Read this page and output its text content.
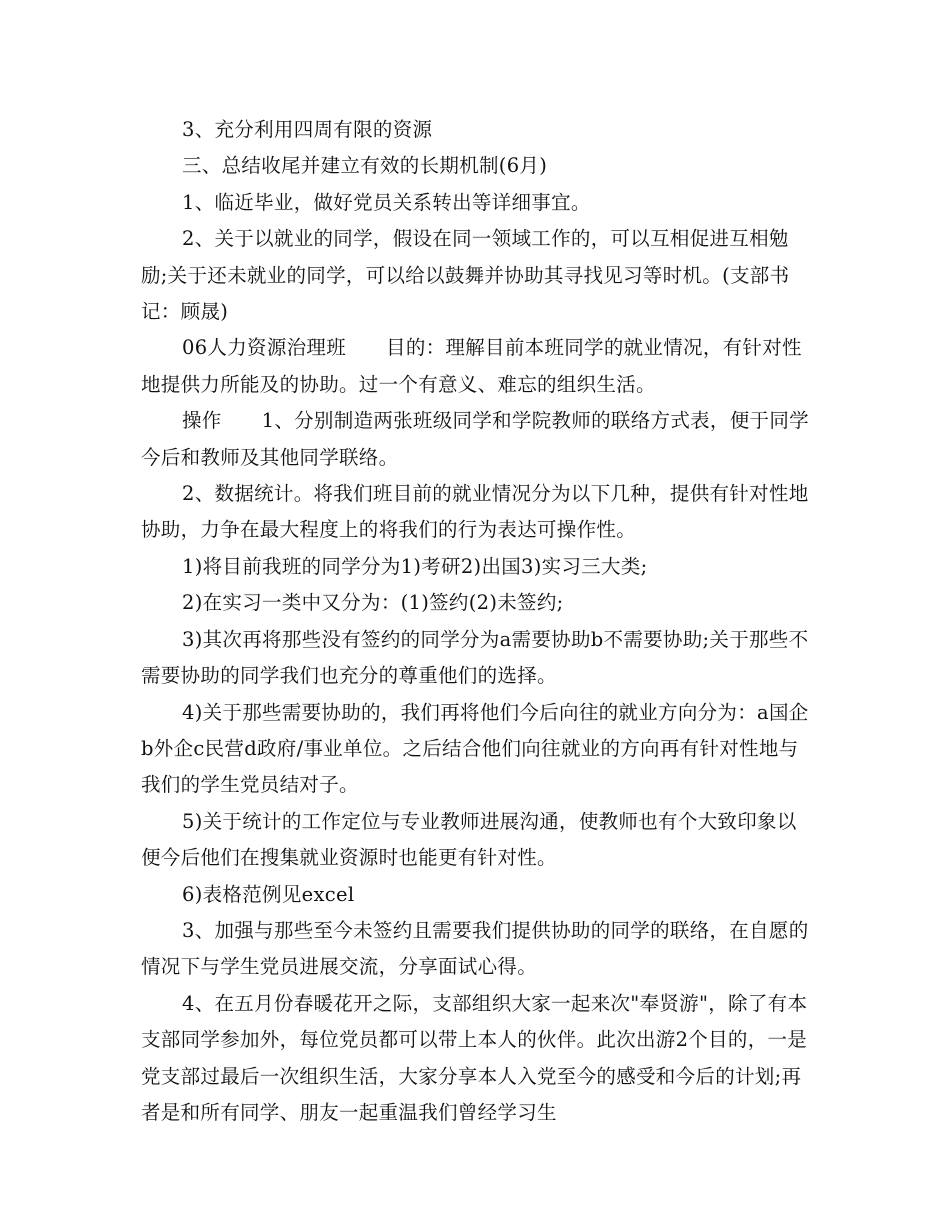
3、充分利用四周有限的资源

三、总结收尾并建立有效的长期机制(6月)

1、临近毕业，做好党员关系转出等详细事宜。

2、关于以就业的同学，假设在同一领域工作的，可以互相促进互相勉励;关于还未就业的同学，可以给以鼓舞并协助其寻找见习等时机。(支部书记：顾晟)

06人力资源治理班 目的：理解目前本班同学的就业情况，有针对性地提供力所能及的协助。过一个有意义、难忘的组织生活。

操作 1、分别制造两张班级同学和学院教师的联络方式表，便于同学今后和教师及其他同学联络。

2、数据统计。将我们班目前的就业情况分为以下几种，提供有针对性地协助，力争在最大程度上的将我们的行为表达可操作性。

1)将目前我班的同学分为1)考研2)出国3)实习三大类;

2)在实习一类中又分为：(1)签约(2)未签约;

3)其次再将那些没有签约的同学分为a需要协助b不需要协助;关于那些不需要协助的同学我们也充分的尊重他们的选择。

4)关于那些需要协助的，我们再将他们今后向往的就业方向分为：a国企b外企c民营d政府/事业单位。之后结合他们向往就业的方向再有针对性地与我们的学生党员结对子。

5)关于统计的工作定位与专业教师进展沟通，使教师也有个大致印象以便今后他们在搜集就业资源时也能更有针对性。

6)表格范例见excel

3、加强与那些至今未签约且需要我们提供协助的同学的联络，在自愿的情况下与学生党员进展交流，分享面试心得。

4、在五月份春暖花开之际，支部组织大家一起来次"奉贤游"，除了有本支部同学参加外，每位党员都可以带上本人的伙伴。此次出游2个目的，一是党支部过最后一次组织生活，大家分享本人入党至今的感受和今后的计划;再者是和所有同学、朋友一起重温我们曾经学习生
